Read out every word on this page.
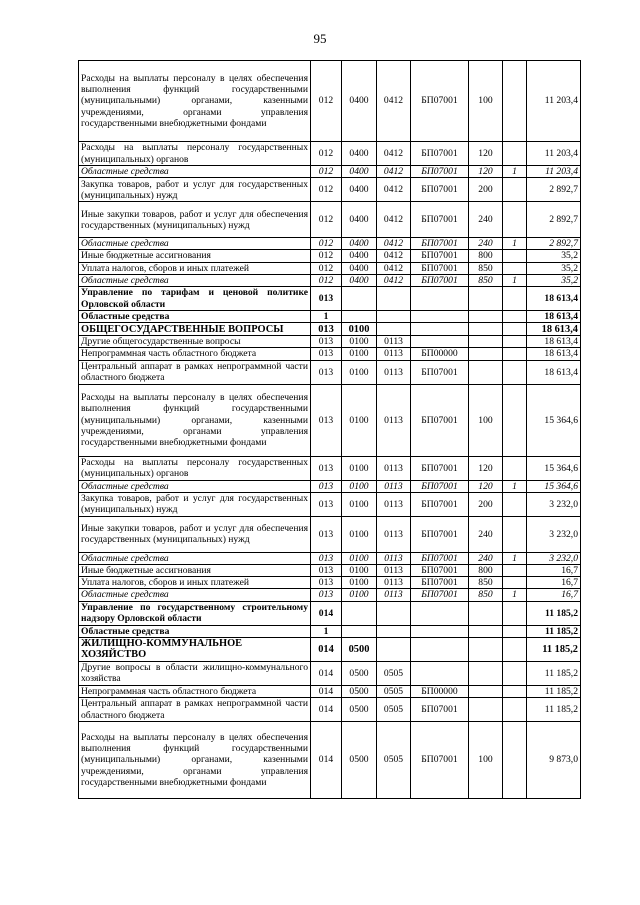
95
Расходы на выплаты персоналу в целях обеспечения выполнения функций государственными (муниципальными) органами, казенными учреждениями, органами управления государственными внебюджетными фондами	012	0400	0412	БП07001	100		11 203,4
Расходы на выплаты персоналу государственных (муниципальных) органов	012	0400	0412	БП07001	120		11 203,4
Областные средства	012	0400	0412	БП07001	120	1	11 203,4
Закупка товаров, работ и услуг для государственных (муниципальных) нужд	012	0400	0412	БП07001	200		2 892,7
Иные закупки товаров, работ и услуг для обеспечения государственных (муниципальных) нужд	012	0400	0412	БП07001	240		2 892,7
Областные средства	012	0400	0412	БП07001	240	1	2 892,7
Иные бюджетные ассигнования	012	0400	0412	БП07001	800		35,2
Уплата налогов, сборов и иных платежей	012	0400	0412	БП07001	850		35,2
Областные средства	012	0400	0412	БП07001	850	1	35,2
Управление по тарифам и ценовой политике Орловской области	013						18 613,4
Областные средства	1						18 613,4
ОБЩЕГОСУДАРСТВЕННЫЕ ВОПРОСЫ	013	0100					18 613,4
Другие общегосударственные вопросы	013	0100	0113				18 613,4
Непрограммная часть областного бюджета	013	0100	0113	БП00000			18 613,4
Центральный аппарат в рамках непрограммной части областного бюджета	013	0100	0113	БП07001			18 613,4
Расходы на выплаты персоналу в целях обеспечения выполнения функций государственными (муниципальными) органами, казенными учреждениями, органами управления государственными внебюджетными фондами	013	0100	0113	БП07001	100		15 364,6
Расходы на выплаты персоналу государственных (муниципальных) органов	013	0100	0113	БП07001	120		15 364,6
Областные средства	013	0100	0113	БП07001	120	1	15 364,6
Закупка товаров, работ и услуг для государственных (муниципальных) нужд	013	0100	0113	БП07001	200		3 232,0
Иные закупки товаров, работ и услуг для обеспечения государственных (муниципальных) нужд	013	0100	0113	БП07001	240		3 232,0
Областные средства	013	0100	0113	БП07001	240	1	3 232,0
Иные бюджетные ассигнования	013	0100	0113	БП07001	800		16,7
Уплата налогов, сборов и иных платежей	013	0100	0113	БП07001	850		16,7
Областные средства	013	0100	0113	БП07001	850	1	16,7
Управление по государственному строительному надзору Орловской области	014						11 185,2
Областные средства	1						11 185,2
ЖИЛИЩНО-КОММУНАЛЬНОЕ ХОЗЯЙСТВО	014	0500					11 185,2
Другие вопросы в области жилищно-коммунального хозяйства	014	0500	0505				11 185,2
Непрограммная часть областного бюджета	014	0500	0505	БП00000			11 185,2
Центральный аппарат в рамках непрограммной части областного бюджета	014	0500	0505	БП07001			11 185,2
Расходы на выплаты персоналу в целях обеспечения выполнения функций государственными (муниципальными) органами, казенными учреждениями, органами управления государственными внебюджетными фондами	014	0500	0505	БП07001	100		9 873,0
